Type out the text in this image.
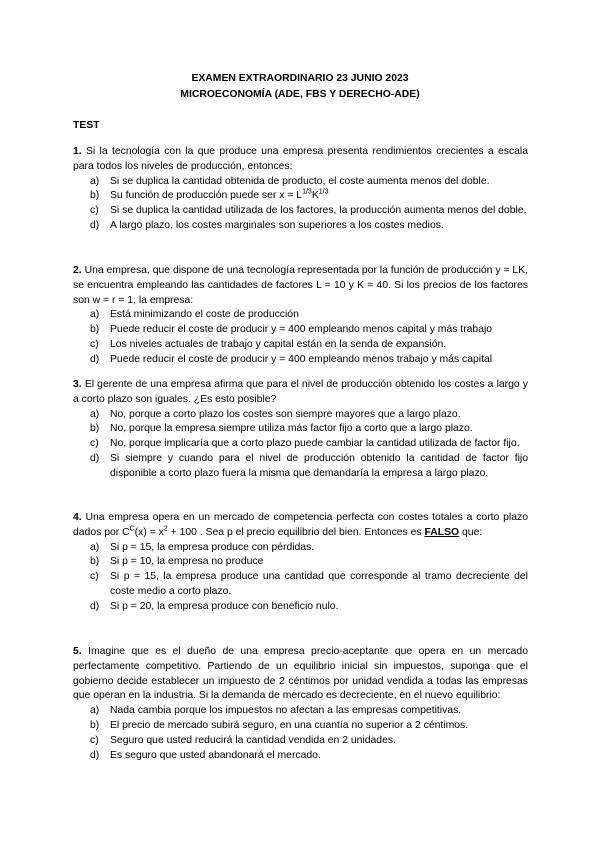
EXAMEN EXTRAORDINARIO 23 JUNIO 2023
MICROECONOMÍA (ADE, FBS Y DERECHO-ADE)
TEST

1. Si la tecnología con la que produce una empresa presenta rendimientos crecientes a escala para todos los niveles de producción, entonces:

a) Si se duplica la cantidad obtenida de producto, el coste aumenta menos del doble.
b) Su función de producción puede ser $x = L^{1/3}K^{1/3}$
c) Si se duplica la cantidad utilizada de los factores, la producción aumenta menos del doble.
d) A largo plazo, los costes marginales son superiores a los costes medios.

2. Una empresa, que dispone de una tecnología representada por la función de producción y = LK, se encuentra empleando las cantidades de factores L = 10 y K = 40. Si los precios de los factores son w = r = 1, la empresa:

a) Está minimizando el coste de producción
b) Puede reducir el coste de producir y = 400 empleando menos capital y más trabajo
c) Los niveles actuales de trabajo y capital están en la senda de expansión.
d) Puede reducir el coste de producir y = 400 empleando menos trabajo y más capital

3. El gerente de una empresa afirma que para el nivel de producción obtenido los costes a largo y a corto plazo son iguales. ¿Es esto posible?

a) No, porque a corto plazo los costes son siempre mayores que a largo plazo.
b) No, porque la empresa siempre utiliza más factor fijo a corto que a largo plazo.
c) No, porque implicaría que a corto plazo puede cambiar la cantidad utilizada de factor fijo.
d) Si siempre y cuando para el nivel de producción obtenido la cantidad de factor fijo disponible a corto plazo fuera la misma que demandaría la empresa a largo plazo.

4. Una empresa opera en un mercado de competencia perfecta con costes totales a corto plazo dados por $C^C(x) = x^2 + 100$ . Sea p el precio equilibrio del bien. Entonces es FALSO que:

a) Si p = 15, la empresa produce con pérdidas.
b) Si p = 10, la empresa no produce
c) Si p = 15, la empresa produce una cantidad que corresponde al tramo decreciente del coste medio a corto plazo.
d) Si p = 20, la empresa produce con beneficio nulo.

5. Imagine que es el dueño de una empresa precio-aceptante que opera en un mercado perfectamente competitivo. Partiendo de un equilibrio inicial sin impuestos, suponga que el gobierno decide establecer un impuesto de 2 céntimos por unidad vendida a todas las empresas que operan en la industria. Si la demanda de mercado es decreciente, en el nuevo equilibrio:

a) Nada cambia porque los impuestos no afectan a las empresas competitivas.
b) El precio de mercado subirá seguro, en una cuantía no superior a 2 céntimos.
c) Seguro que usted reducirá la cantidad vendida en 2 unidades.
d) Es seguro que usted abandonará el mercado.
